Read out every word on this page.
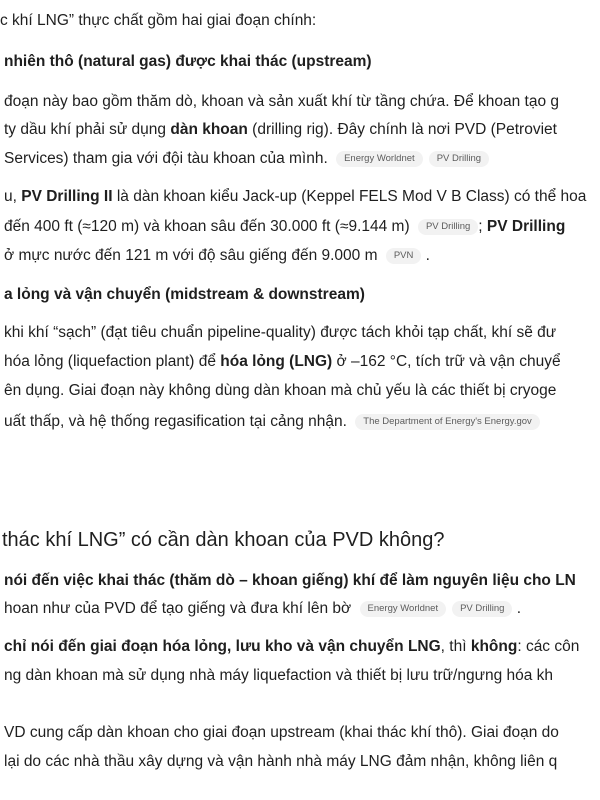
c khí LNG” thực chất gồm hai giai đoạn chính:
nhiên thô (natural gas) được khai thác (upstream)
đoạn này bao gồm thăm dò, khoan và sản xuất khí từ tầng chứa. Để khoan tạo g
ty dầu khí phải sử dụng dàn khoan (drilling rig). Đây chính là nơi PVD (Petroviet
Services) tham gia với đội tàu khoan của mình. Energy Worldnet PV Drilling
u, PV Drilling II là dàn khoan kiểu Jack-up (Keppel FELS Mod V B Class) có thể hoa
đến 400 ft (≈120 m) và khoan sâu đến 30.000 ft (≈9.144 m) PV Drilling ; PV Drilling
ở mực nước đến 121 m với độ sâu giếng đến 9.000 m PVN .
a lỏng và vận chuyển (midstream & downstream)
khi khí “sạch” (đạt tiêu chuẩn pipeline-quality) được tách khỏi tạp chất, khí sẽ đư
hóa lỏng (liquefaction plant) để hóa lỏng (LNG) ở –162 °C, tích trữ và vận chuyể
ên dụng. Giai đoạn này không dùng dàn khoan mà chủ yếu là các thiết bị cryoge
uất thấp, và hệ thống regasification tại cảng nhận. The Department of Energy's Energy.gov
thác khí LNG” có cần dàn khoan của PVD không?
nói đến việc khai thác (thăm dò – khoan giếng) khí để làm nguyên liệu cho LN
hoan như của PVD để tạo giếng và đưa khí lên bờ Energy Worldnet PV Drilling .
chỉ nói đến giai đoạn hóa lỏng, lưu kho và vận chuyển LNG, thì không: các côn
ng dàn khoan mà sử dụng nhà máy liquefaction và thiết bị lưu trữ/ngưng hóa kh
VD cung cấp dàn khoan cho giai đoạn upstream (khai thác khí thô). Giai đoạn do
lại do các nhà thầu xây dựng và vận hành nhà máy LNG đảm nhận, không liên q
